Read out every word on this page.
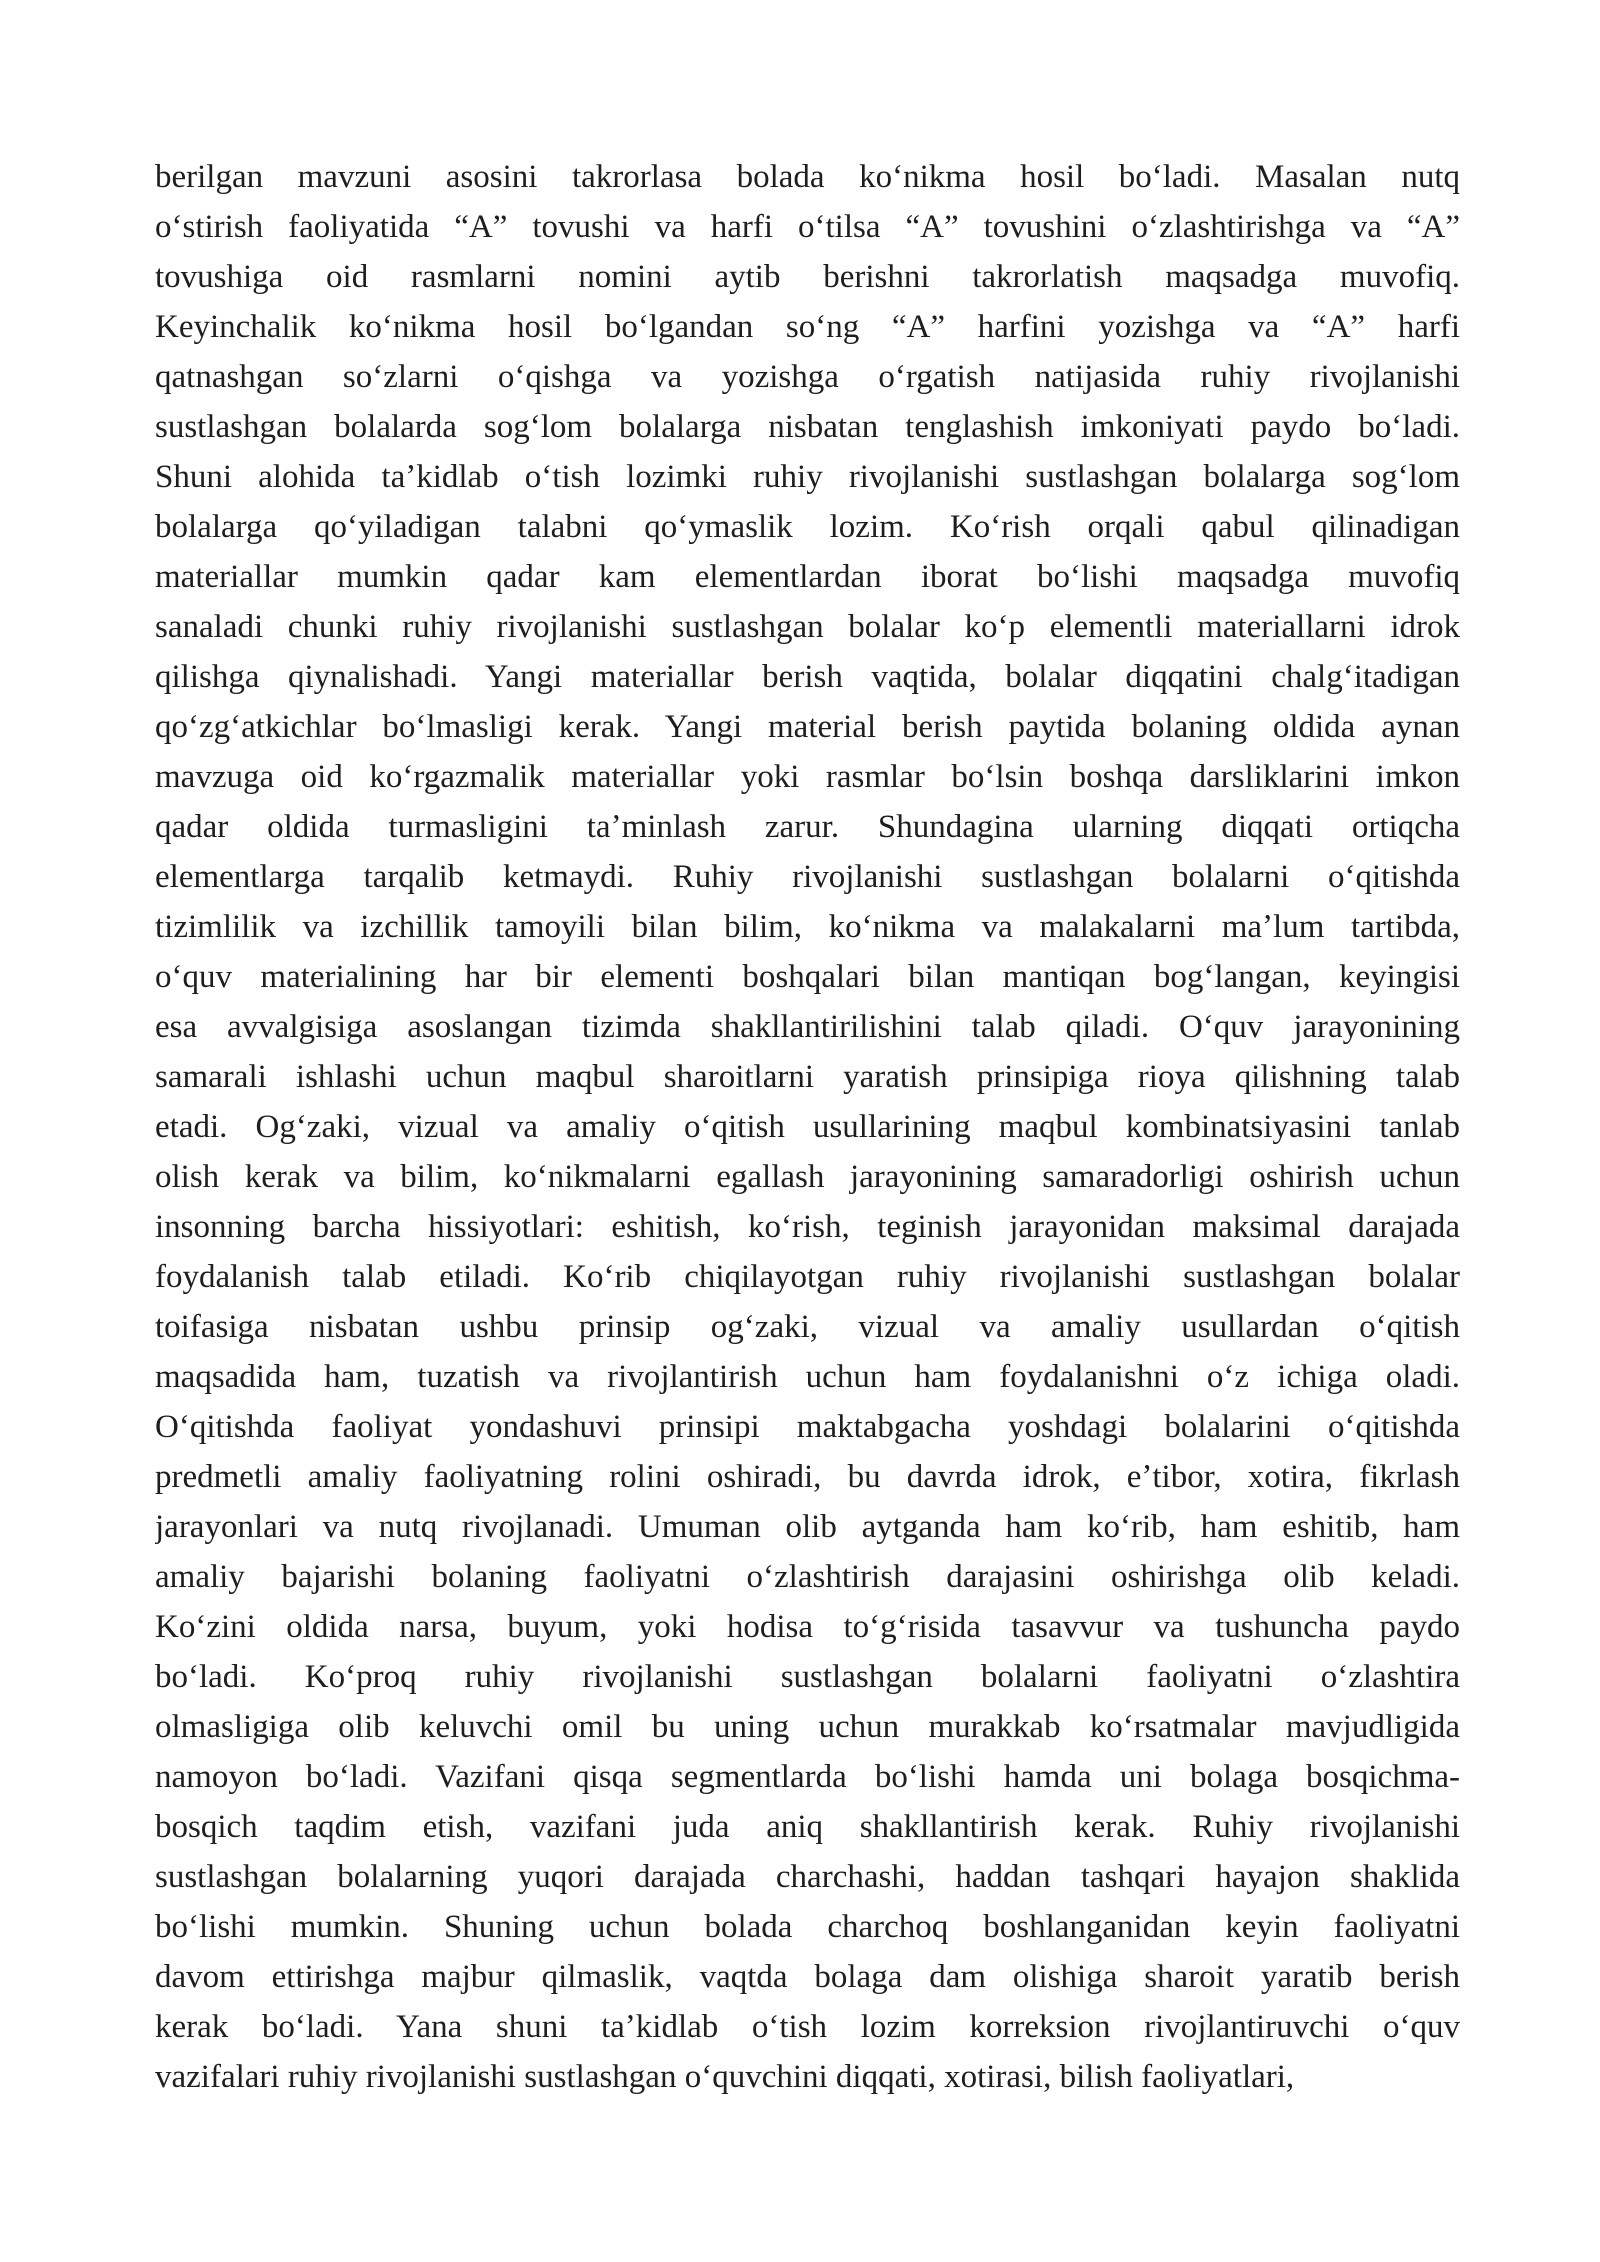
berilgan mavzuni asosini takrorlasa bolada koʻnikma hosil boʻladi. Masalan nutq
oʻstirish faoliyatida “A” tovushi va harfi oʻtilsa “A” tovushini oʻzlashtirishga va “A”
tovushiga oid rasmlarni nomini aytib berishni takrorlatish maqsadga muvofiq.
Keyinchalik koʻnikma hosil boʻlgandan soʻng “A” harfini yozishga va “A” harfi
qatnashgan soʻzlarni oʻqishga va yozishga oʻrgatish natijasida ruhiy rivojlanishi
sustlashgan bolalarda sogʻlom bolalarga nisbatan tenglashish imkoniyati paydo boʻladi.
Shuni alohida taʼkidlab oʻtish lozimki ruhiy rivojlanishi sustlashgan bolalarga sogʻlom
bolalarga qoʻyiladigan talabni qoʻymaslik lozim. Koʻrish orqali qabul qilinadigan
materiallar mumkin qadar kam elementlardan iborat boʻlishi maqsadga muvofiq
sanaladi chunki ruhiy rivojlanishi sustlashgan bolalar koʻp elementli materiallarni idrok
qilishga qiynalishadi. Yangi materiallar berish vaqtida, bolalar diqqatini chalgʻitadigan
qoʻzgʻatkichlar boʻlmasligi kerak. Yangi material berish paytida bolaning oldida aynan
mavzuga oid koʻrgazmalik materiallar yoki rasmlar boʻlsin boshqa darsliklarini imkon
qadar oldida turmasligini taʼminlash zarur. Shundagina ularning diqqati ortiqcha
elementlarga tarqalib ketmaydi. Ruhiy rivojlanishi sustlashgan bolalarni oʻqitishda
tizimlilik va izchillik tamoyili bilan bilim, koʻnikma va malakalarni maʼlum tartibda,
oʻquv materialining har bir elementi boshqalari bilan mantiqan bogʻlangan, keyingisi
esa avvalgisiga asoslangan tizimda shakllantirilishini talab qiladi. Oʻquv jarayonining
samarali ishlashi uchun maqbul sharoitlarni yaratish prinsipiga rioya qilishning talab
etadi. Ogʻzaki, vizual va amaliy oʻqitish usullarining maqbul kombinatsiyasini tanlab
olish kerak va bilim, koʻnikmalarni egallash jarayonining samaradorligi oshirish uchun
insonning barcha hissiyotlari: eshitish, koʻrish, teginish jarayonidan maksimal darajada
foydalanish talab etiladi. Koʻrib chiqilayotgan ruhiy rivojlanishi sustlashgan bolalar
toifasiga nisbatan ushbu prinsip ogʻzaki, vizual va amaliy usullardan oʻqitish
maqsadida ham, tuzatish va rivojlantirish uchun ham foydalanishni oʻz ichiga oladi.
Oʻqitishda faoliyat yondashuvi prinsipi maktabgacha yoshdagi bolalarini oʻqitishda
predmetli amaliy faoliyatning rolini oshiradi, bu davrda idrok, eʼtibor, xotira, fikrlash
jarayonlari va nutq rivojlanadi. Umuman olib aytganda ham koʻrib, ham eshitib, ham
amaliy bajarishi bolaning faoliyatni oʻzlashtirish darajasini oshirishga olib keladi.
Koʻzini oldida narsa, buyum, yoki hodisa toʻgʻrisida tasavvur va tushuncha paydo
boʻladi. Koʻproq ruhiy rivojlanishi sustlashgan bolalarni faoliyatni oʻzlashtira
olmasligiga olib keluvchi omil bu uning uchun murakkab koʻrsatmalar mavjudligida
namoyon boʻladi. Vazifani qisqa segmentlarda boʻlishi hamda uni bolaga bosqichma-
bosqich taqdim etish, vazifani juda aniq shakllantirish kerak. Ruhiy rivojlanishi
sustlashgan bolalarning yuqori darajada charchashi, haddan tashqari hayajon shaklida
boʻlishi mumkin. Shuning uchun bolada charchoq boshlanganidan keyin faoliyatni
davom ettirishga majbur qilmaslik, vaqtda bolaga dam olishiga sharoit yaratib berish
kerak boʻladi. Yana shuni taʼkidlab oʻtish lozim korreksion rivojlantiruvchi oʻquv
vazifalari ruhiy rivojlanishi sustlashgan oʻquvchini diqqati, xotirasi, bilish faoliyatlari,
